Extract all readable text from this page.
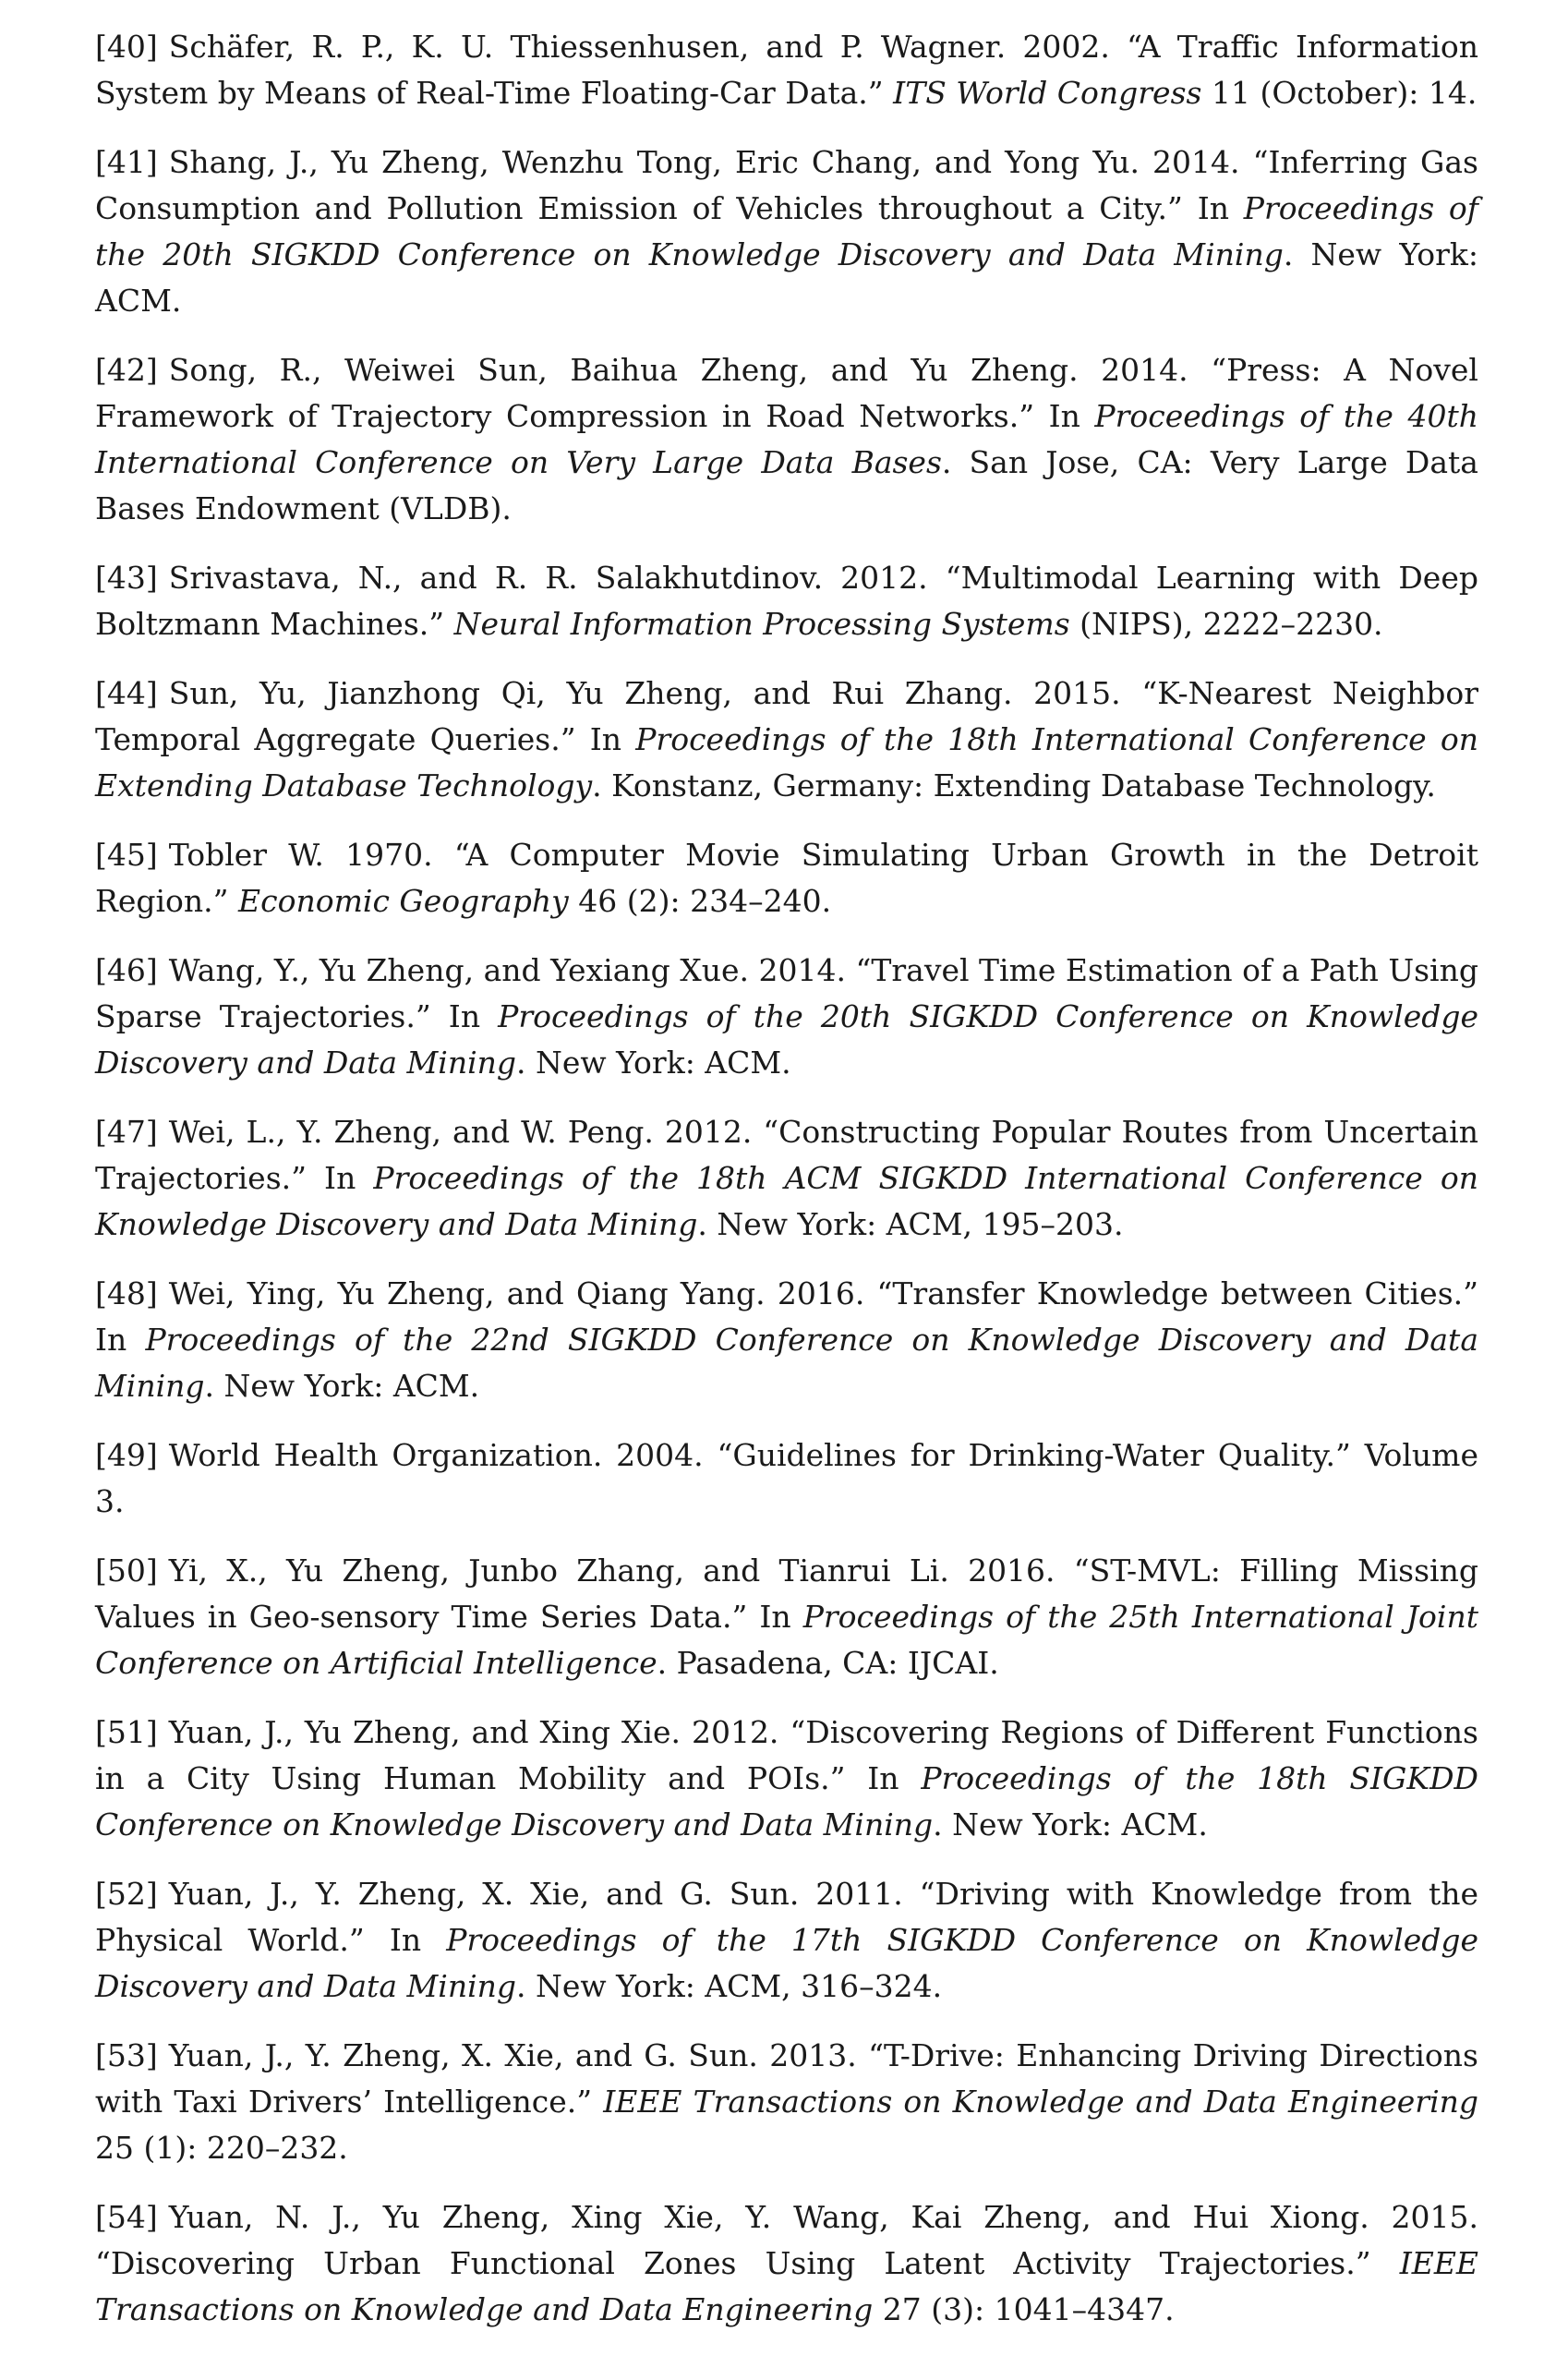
[40] Schäfer, R. P., K. U. Thiessenhusen, and P. Wagner. 2002. “A Traffic Information System by Means of Real-Time Floating-Car Data.” ITS World Congress 11 (October): 14.

[41] Shang, J., Yu Zheng, Wenzhu Tong, Eric Chang, and Yong Yu. 2014. “Inferring Gas Consumption and Pollution Emission of Vehicles throughout a City.” In Proceedings of the 20th SIGKDD Conference on Knowledge Discovery and Data Mining. New York: ACM.

[42] Song, R., Weiwei Sun, Baihua Zheng, and Yu Zheng. 2014. “Press: A Novel Framework of Trajectory Compression in Road Networks.” In Proceedings of the 40th International Conference on Very Large Data Bases. San Jose, CA: Very Large Data Bases Endowment (VLDB).

[43] Srivastava, N., and R. R. Salakhutdinov. 2012. “Multimodal Learning with Deep Boltzmann Machines.” Neural Information Processing Systems (NIPS), 2222–2230.

[44] Sun, Yu, Jianzhong Qi, Yu Zheng, and Rui Zhang. 2015. “K-Nearest Neighbor Temporal Aggregate Queries.” In Proceedings of the 18th International Conference on Extending Database Technology. Konstanz, Germany: Extending Database Technology.

[45] Tobler W. 1970. “A Computer Movie Simulating Urban Growth in the Detroit Region.” Economic Geography 46 (2): 234–240.

[46] Wang, Y., Yu Zheng, and Yexiang Xue. 2014. “Travel Time Estimation of a Path Using Sparse Trajectories.” In Proceedings of the 20th SIGKDD Conference on Knowledge Discovery and Data Mining. New York: ACM.

[47] Wei, L., Y. Zheng, and W. Peng. 2012. “Constructing Popular Routes from Uncertain Trajectories.” In Proceedings of the 18th ACM SIGKDD International Conference on Knowledge Discovery and Data Mining. New York: ACM, 195–203.

[48] Wei, Ying, Yu Zheng, and Qiang Yang. 2016. “Transfer Knowledge between Cities.” In Proceedings of the 22nd SIGKDD Conference on Knowledge Discovery and Data Mining. New York: ACM.

[49] World Health Organization. 2004. “Guidelines for Drinking-Water Quality.” Volume 3.

[50] Yi, X., Yu Zheng, Junbo Zhang, and Tianrui Li. 2016. “ST-MVL: Filling Missing Values in Geo-sensory Time Series Data.” In Proceedings of the 25th International Joint Conference on Artificial Intelligence. Pasadena, CA: IJCAI.

[51] Yuan, J., Yu Zheng, and Xing Xie. 2012. “Discovering Regions of Different Functions in a City Using Human Mobility and POIs.” In Proceedings of the 18th SIGKDD Conference on Knowledge Discovery and Data Mining. New York: ACM.

[52] Yuan, J., Y. Zheng, X. Xie, and G. Sun. 2011. “Driving with Knowledge from the Physical World.” In Proceedings of the 17th SIGKDD Conference on Knowledge Discovery and Data Mining. New York: ACM, 316–324.

[53] Yuan, J., Y. Zheng, X. Xie, and G. Sun. 2013. “T-Drive: Enhancing Driving Directions with Taxi Drivers’ Intelligence.” IEEE Transactions on Knowledge and Data Engineering 25 (1): 220–232.

[54] Yuan, N. J., Yu Zheng, Xing Xie, Y. Wang, Kai Zheng, and Hui Xiong. 2015. “Discovering Urban Functional Zones Using Latent Activity Trajectories.” IEEE Transactions on Knowledge and Data Engineering 27 (3): 1041–4347.
